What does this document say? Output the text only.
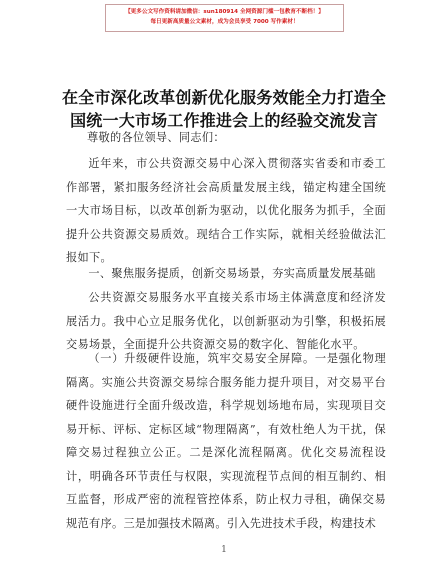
【更多公文写作资料请加微信：sun180914 全网资源门槛一包教育不断档！】
每日更新高质量公文素材，成为会员享受 7000 写作素材！
在全市深化改革创新优化服务效能全力打造全
国统一大市场工作推进会上的经验交流发言
尊敬的各位领导、同志们：
近年来，市公共资源交易中心深入贯彻落实省委和市委工作部署，紧扣服务经济社会高质量发展主线，锚定构建全国统一大市场目标，以改革创新为驱动，以优化服务为抓手，全面提升公共资源交易质效。现结合工作实际，就相关经验做法汇报如下。
一、聚焦服务提质，创新交易场景，夯实高质量发展基础
公共资源交易服务水平直接关系市场主体满意度和经济发展活力。我中心立足服务优化，以创新驱动为引擎，积极拓展交易场景，全面提升公共资源交易的数字化、智能化水平。
（一）升级硬件设施，筑牢交易安全屏障。一是强化物理隔离。实施公共资源交易综合服务能力提升项目，对交易平台硬件设施进行全面升级改造，科学规划场地布局，实现项目交易开标、评标、定标区域“物理隔离”，有效杜绝人为干扰，保障交易过程独立公正。二是深化流程隔离。优化交易流程设计，明确各环节责任与权限，实现流程节点间的相互制约、相互监督，形成严密的流程管控体系，防止权力寻租，确保交易规范有序。三是加强技术隔离。引入先进技术手段，构建技术
1
